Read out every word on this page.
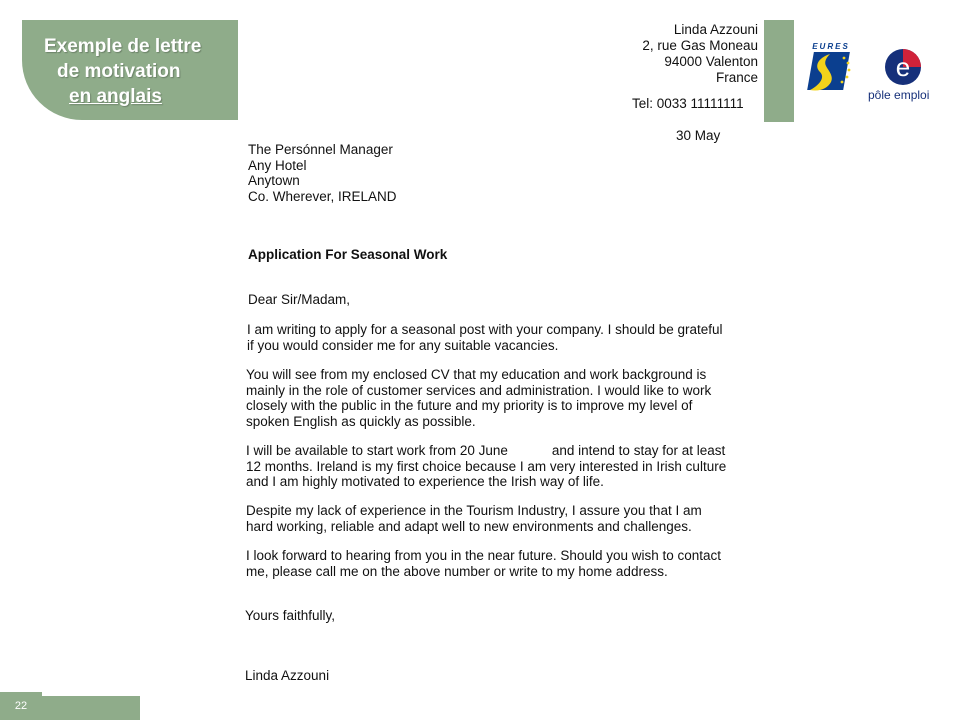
Exemple de lettre
de motivation
en anglais
EURES
e
pôle emploi
Linda Azzouni
2, rue Gas Moneau
94000 Valenton
France
Tel: 0033 11111111
30 May
The Persónnel Manager
Any Hotel
Anytown
Co. Wherever, IRELAND
Application For Seasonal Work
Dear Sir/Madam,
I am writing to apply for a seasonal post with your company. I should be grateful
if you would consider me for any suitable vacancies.
You will see from my enclosed CV that my education and work background is
mainly in the role of customer services and administration. I would like to work
closely with the public in the future and my priority is to improve my level of
spoken English as quickly as possible.
I will be available to start work from 20 June	and intend to stay for at least
12 months. Ireland is my first choice because I am very interested in Irish culture
and I am highly motivated to experience the Irish way of life.
Despite my lack of experience in the Tourism Industry, I assure you that I am
hard working, reliable and adapt well to new environments and challenges.
I look forward to hearing from you in the near future. Should you wish to contact
me, please call me on the above number or write to my home address.
Yours faithfully,
Linda Azzouni
22
